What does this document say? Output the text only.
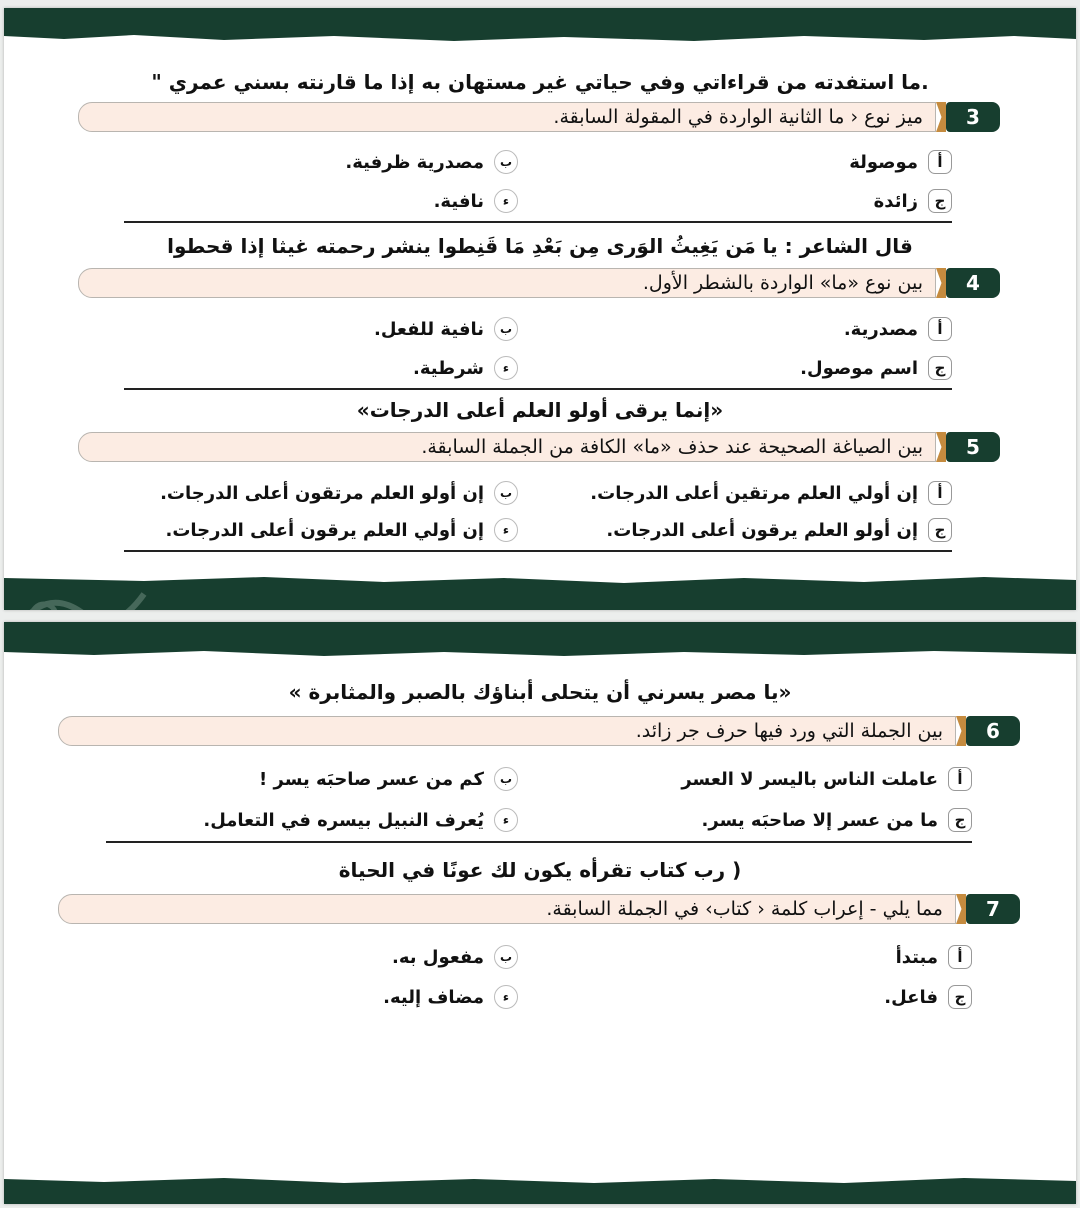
.ما استفدته من قراءاتي وفي حياتي غير مستهان به إذا ما قارنته بسني عمري "
3
ميز نوع ‹ ما الثانية الواردة في المقولة السابقة.
أ
موصولة
ب
مصدرية ظرفية.
ج
زائدة
ء
نافية.
قال الشاعر : يا مَن يَغِيثُ الوَرى مِن بَعْدِ مَا قَنِطوا ينشر رحمته غيثا إذا قحطوا
4
بين نوع «ما» الواردة بالشطر الأول.
أ
مصدرية.
ب
نافية للفعل.
ج
اسم موصول.
ء
شرطية.
«إنما يرقى أولو العلم أعلى الدرجات»
5
بين الصياغة الصحيحة عند حذف «ما» الكافة من الجملة السابقة.
أ
إن أولي العلم مرتقين أعلى الدرجات.
ب
إن أولو العلم مرتقون أعلى الدرجات.
ج
إن أولو العلم يرقون أعلى الدرجات.
ء
إن أولي العلم يرقون أعلى الدرجات.
«يا مصر يسرني أن يتحلى أبناؤك بالصبر والمثابرة »
6
بين الجملة التي ورد فيها حرف جر زائد.
أ
عاملت الناس باليسر لا العسر
ب
كم من عسر صاحبَه يسر !
ج
ما من عسر إلا صاحبَه يسر.
ء
يُعرف النبيل بيسره في التعامل.
( رب كتاب تقرأه يكون لك عونًا في الحياة
7
مما يلي - إعراب كلمة ‹ كتاب› في الجملة السابقة.
أ
مبتدأ
ب
مفعول به.
ج
فاعل.
ء
مضاف إليه.
